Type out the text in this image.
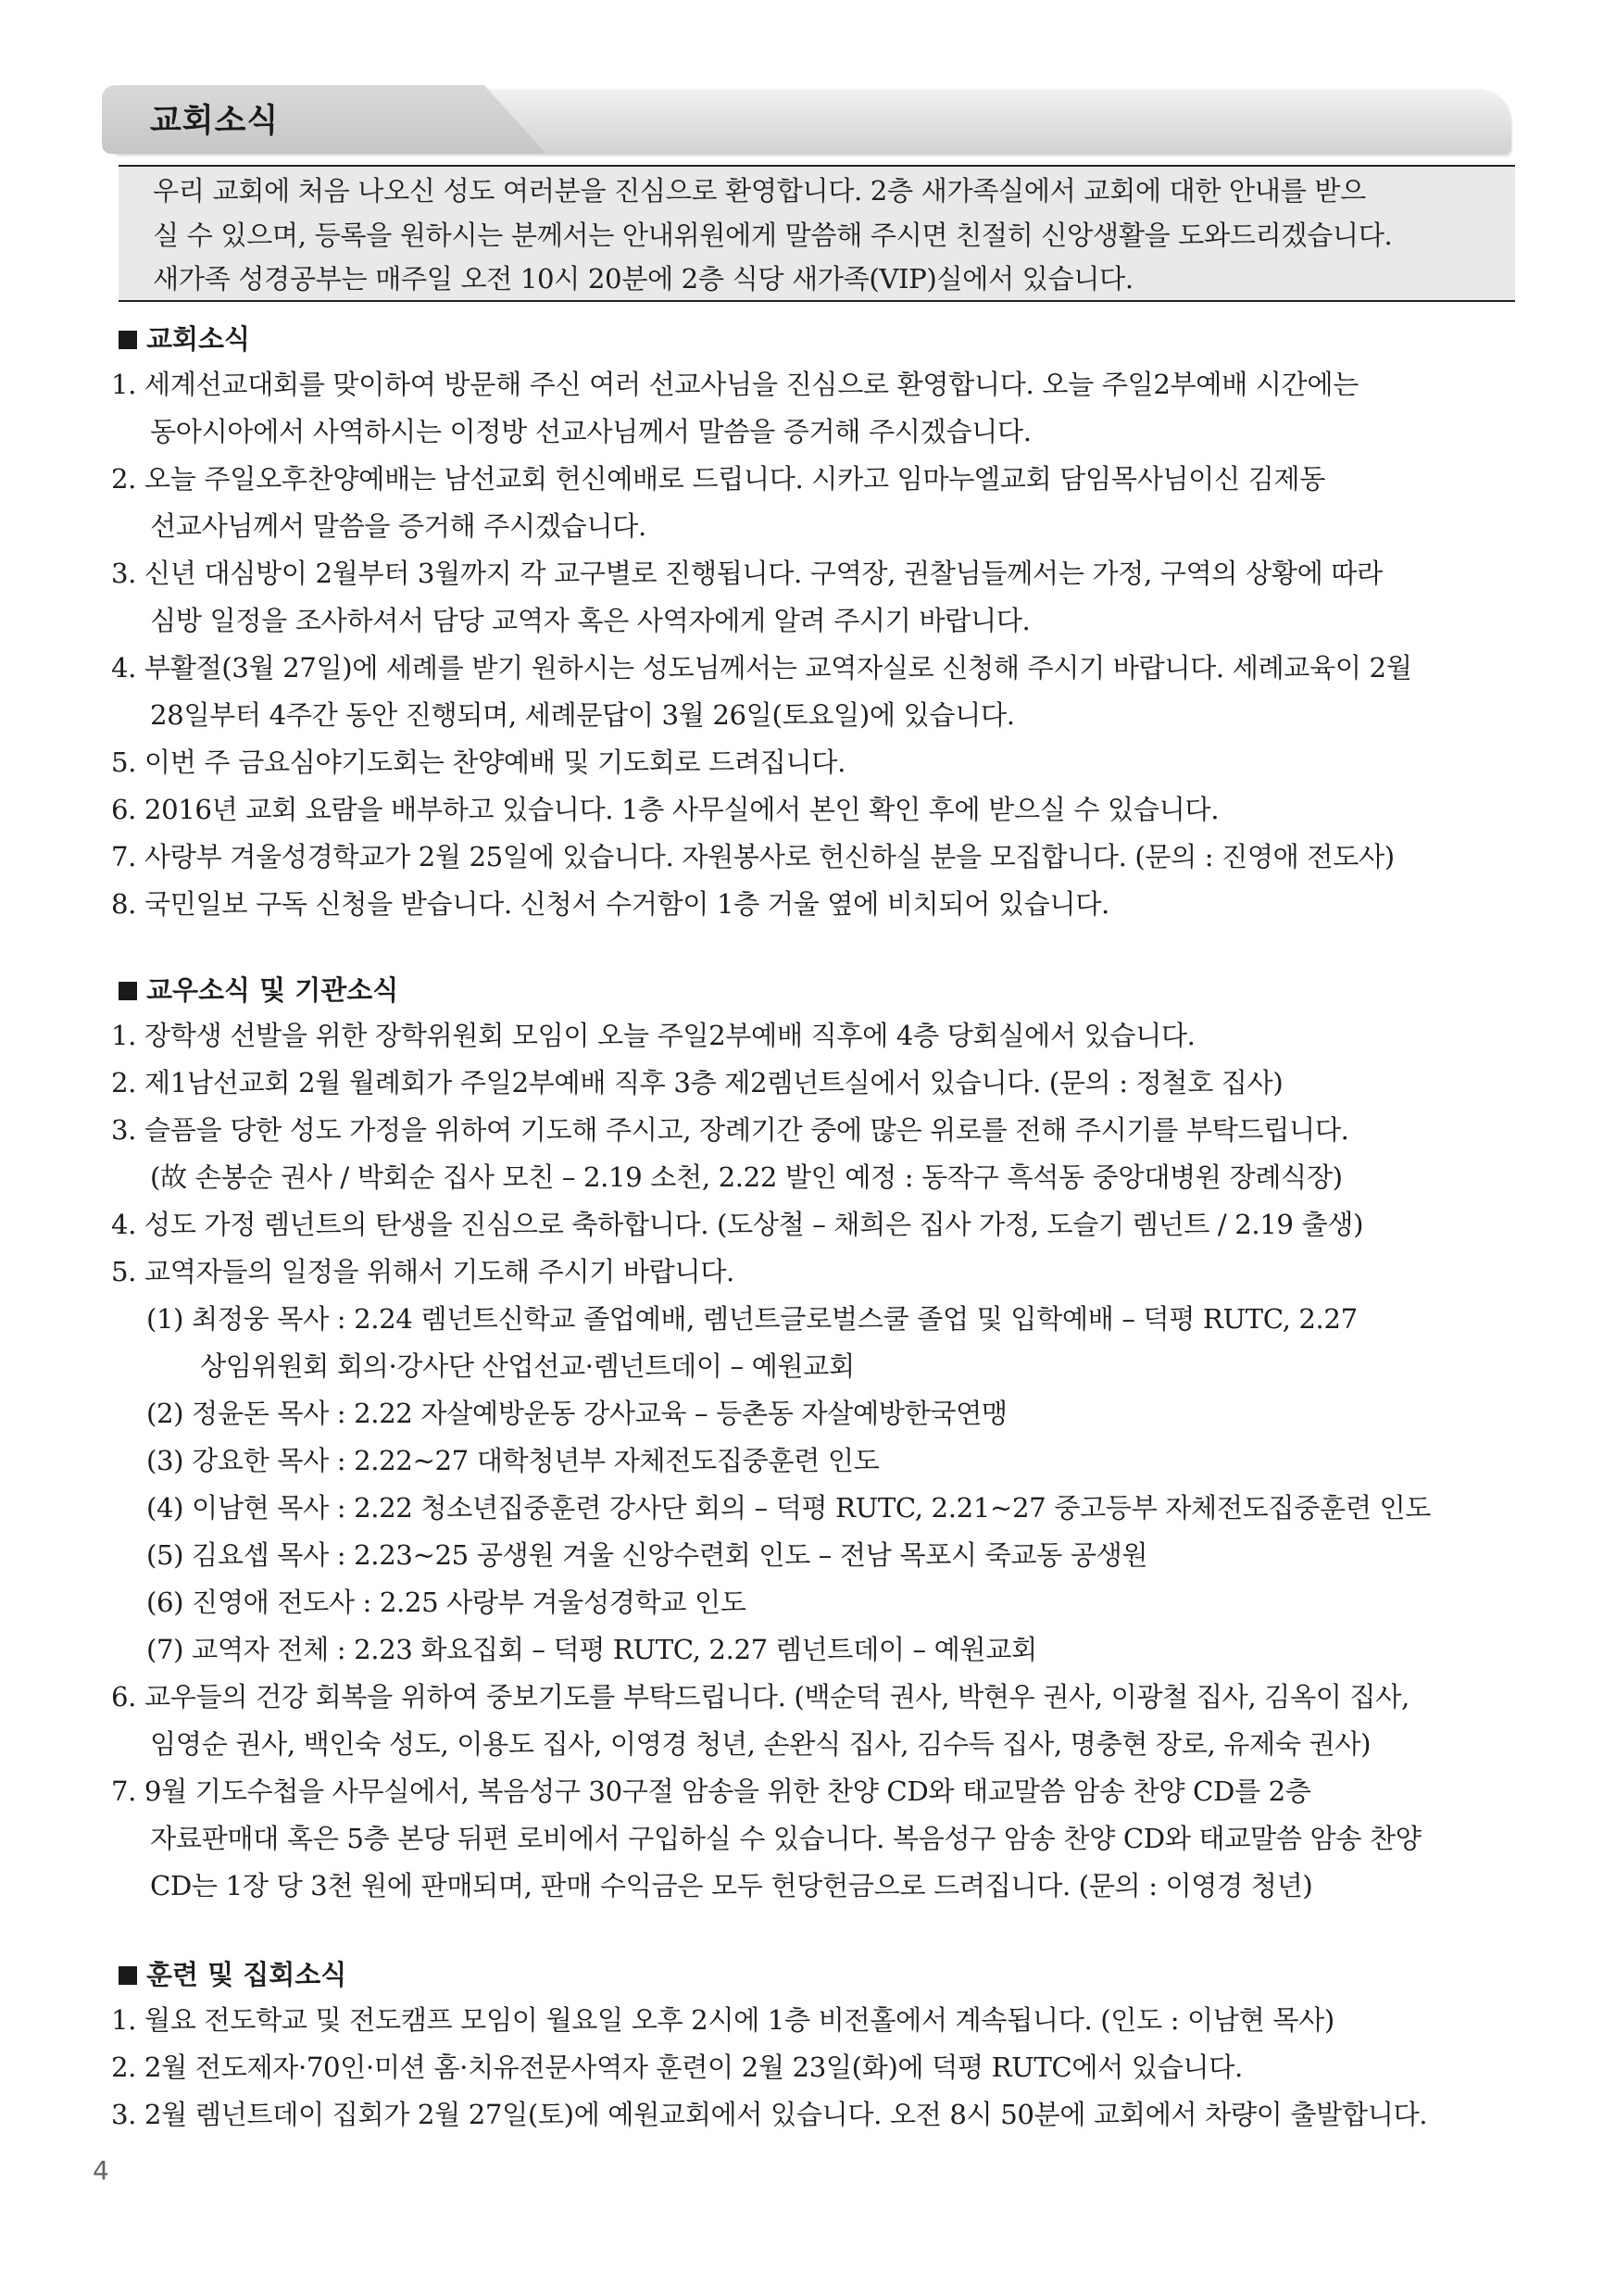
교회소식

우리 교회에 처음 나오신 성도 여러분을 진심으로 환영합니다. 2층 새가족실에서 교회에 대한 안내를 받으

실 수 있으며, 등록을 원하시는 분께서는 안내위원에게 말씀해 주시면 친절히 신앙생활을 도와드리겠습니다.

새가족 성경공부는 매주일 오전 10시 20분에 2층 식당 새가족(VIP)실에서 있습니다.

교회소식
1. 세계선교대회를 맞이하여 방문해 주신 여러 선교사님을 진심으로 환영합니다. 오늘 주일2부예배 시간에는
동아시아에서 사역하시는 이정방 선교사님께서 말씀을 증거해 주시겠습니다.
2. 오늘 주일오후찬양예배는 남선교회 헌신예배로 드립니다. 시카고 임마누엘교회 담임목사님이신 김제동
선교사님께서 말씀을 증거해 주시겠습니다.
3. 신년 대심방이 2월부터 3월까지 각 교구별로 진행됩니다. 구역장, 권찰님들께서는 가정, 구역의 상황에 따라
심방 일정을 조사하셔서 담당 교역자 혹은 사역자에게 알려 주시기 바랍니다.
4. 부활절(3월 27일)에 세례를 받기 원하시는 성도님께서는 교역자실로 신청해 주시기 바랍니다. 세례교육이 2월
28일부터 4주간 동안 진행되며, 세례문답이 3월 26일(토요일)에 있습니다.
5. 이번 주 금요심야기도회는 찬양예배 및 기도회로 드려집니다.
6. 2016년 교회 요람을 배부하고 있습니다. 1층 사무실에서 본인 확인 후에 받으실 수 있습니다.
7. 사랑부 겨울성경학교가 2월 25일에 있습니다. 자원봉사로 헌신하실 분을 모집합니다. (문의 : 진영애 전도사)
8. 국민일보 구독 신청을 받습니다. 신청서 수거함이 1층 거울 옆에 비치되어 있습니다.
교우소식 및 기관소식
1. 장학생 선발을 위한 장학위원회 모임이 오늘 주일2부예배 직후에 4층 당회실에서 있습니다.
2. 제1남선교회 2월 월례회가 주일2부예배 직후 3층 제2렘넌트실에서 있습니다. (문의 : 정철호 집사)
3. 슬픔을 당한 성도 가정을 위하여 기도해 주시고, 장례기간 중에 많은 위로를 전해 주시기를 부탁드립니다.
(故 손봉순 권사 / 박회순 집사 모친 – 2.19 소천, 2.22 발인 예정 : 동작구 흑석동 중앙대병원 장례식장)
4. 성도 가정 렘넌트의 탄생을 진심으로 축하합니다. (도상철 – 채희은 집사 가정, 도슬기 렘넌트 / 2.19 출생)
5. 교역자들의 일정을 위해서 기도해 주시기 바랍니다.
(1) 최정웅 목사 : 2.24 렘넌트신학교 졸업예배, 렘넌트글로벌스쿨 졸업 및 입학예배 – 덕평 RUTC, 2.27
상임위원회 회의·강사단 산업선교·렘넌트데이 – 예원교회
(2) 정윤돈 목사 : 2.22 자살예방운동 강사교육 – 등촌동 자살예방한국연맹
(3) 강요한 목사 : 2.22~27 대학청년부 자체전도집중훈련 인도
(4) 이남현 목사 : 2.22 청소년집중훈련 강사단 회의 – 덕평 RUTC, 2.21~27 중고등부 자체전도집중훈련 인도
(5) 김요셉 목사 : 2.23~25 공생원 겨울 신앙수련회 인도 – 전남 목포시 죽교동 공생원
(6) 진영애 전도사 : 2.25 사랑부 겨울성경학교 인도
(7) 교역자 전체 : 2.23 화요집회 – 덕평 RUTC, 2.27 렘넌트데이 – 예원교회
6. 교우들의 건강 회복을 위하여 중보기도를 부탁드립니다. (백순덕 권사, 박현우 권사, 이광철 집사, 김옥이 집사,
임영순 권사, 백인숙 성도, 이용도 집사, 이영경 청년, 손완식 집사, 김수득 집사, 명충현 장로, 유제숙 권사)
7. 9월 기도수첩을 사무실에서, 복음성구 30구절 암송을 위한 찬양 CD와 태교말씀 암송 찬양 CD를 2층
자료판매대 혹은 5층 본당 뒤편 로비에서 구입하실 수 있습니다. 복음성구 암송 찬양 CD와 태교말씀 암송 찬양
CD는 1장 당 3천 원에 판매되며, 판매 수익금은 모두 헌당헌금으로 드려집니다. (문의 : 이영경 청년)
훈련 및 집회소식
1. 월요 전도학교 및 전도캠프 모임이 월요일 오후 2시에 1층 비전홀에서 계속됩니다. (인도 : 이남현 목사)
2. 2월 전도제자·70인·미션 홈·치유전문사역자 훈련이 2월 23일(화)에 덕평 RUTC에서 있습니다.
3. 2월 렘넌트데이 집회가 2월 27일(토)에 예원교회에서 있습니다. 오전 8시 50분에 교회에서 차량이 출발합니다.
4
